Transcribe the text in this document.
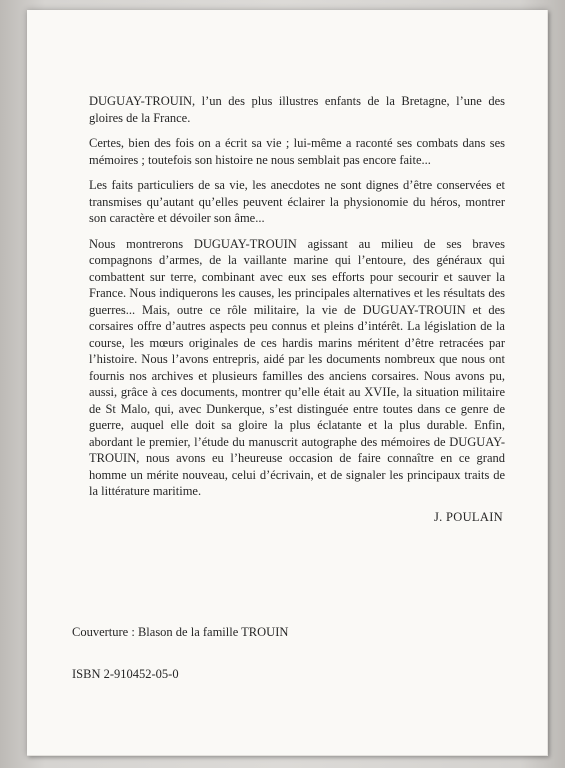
DUGUAY-TROUIN, l’un des plus illustres enfants de la Bretagne, l’une des gloires de la France.

Certes, bien des fois on a écrit sa vie ; lui-même a raconté ses combats dans ses mémoires ; toutefois son histoire ne nous semblait pas encore faite...

Les faits particuliers de sa vie, les anecdotes ne sont dignes d’être conservées et transmises qu’autant qu’elles peuvent éclairer la physionomie du héros, montrer son caractère et dévoiler son âme...

Nous montrerons DUGUAY-TROUIN agissant au milieu de ses braves compagnons d’armes, de la vaillante marine qui l’entoure, des généraux qui combattent sur terre, combinant avec eux ses efforts pour secourir et sauver la France. Nous indiquerons les causes, les principales alternatives et les résultats des guerres... Mais, outre ce rôle militaire, la vie de DUGUAY-TROUIN et des corsaires offre d’autres aspects peu connus et pleins d’intérêt. La législation de la course, les mœurs originales de ces hardis marins méritent d’être retracées par l’histoire. Nous l’avons entrepris, aidé par les documents nombreux que nous ont fournis nos archives et plusieurs familles des anciens corsaires. Nous avons pu, aussi, grâce à ces documents, montrer qu’elle était au XVIIe, la situation militaire de St Malo, qui, avec Dunkerque, s’est distinguée entre toutes dans ce genre de guerre, auquel elle doit sa gloire la plus éclatante et la plus durable. Enfin, abordant le premier, l’étude du manuscrit autographe des mémoires de DUGUAY-TROUIN, nous avons eu l’heureuse occasion de faire connaître en ce grand homme un mérite nouveau, celui d’écrivain, et de signaler les principaux traits de la littérature maritime.

J. POULAIN
Couverture : Blason de la famille TROUIN
ISBN 2-910452-05-0
